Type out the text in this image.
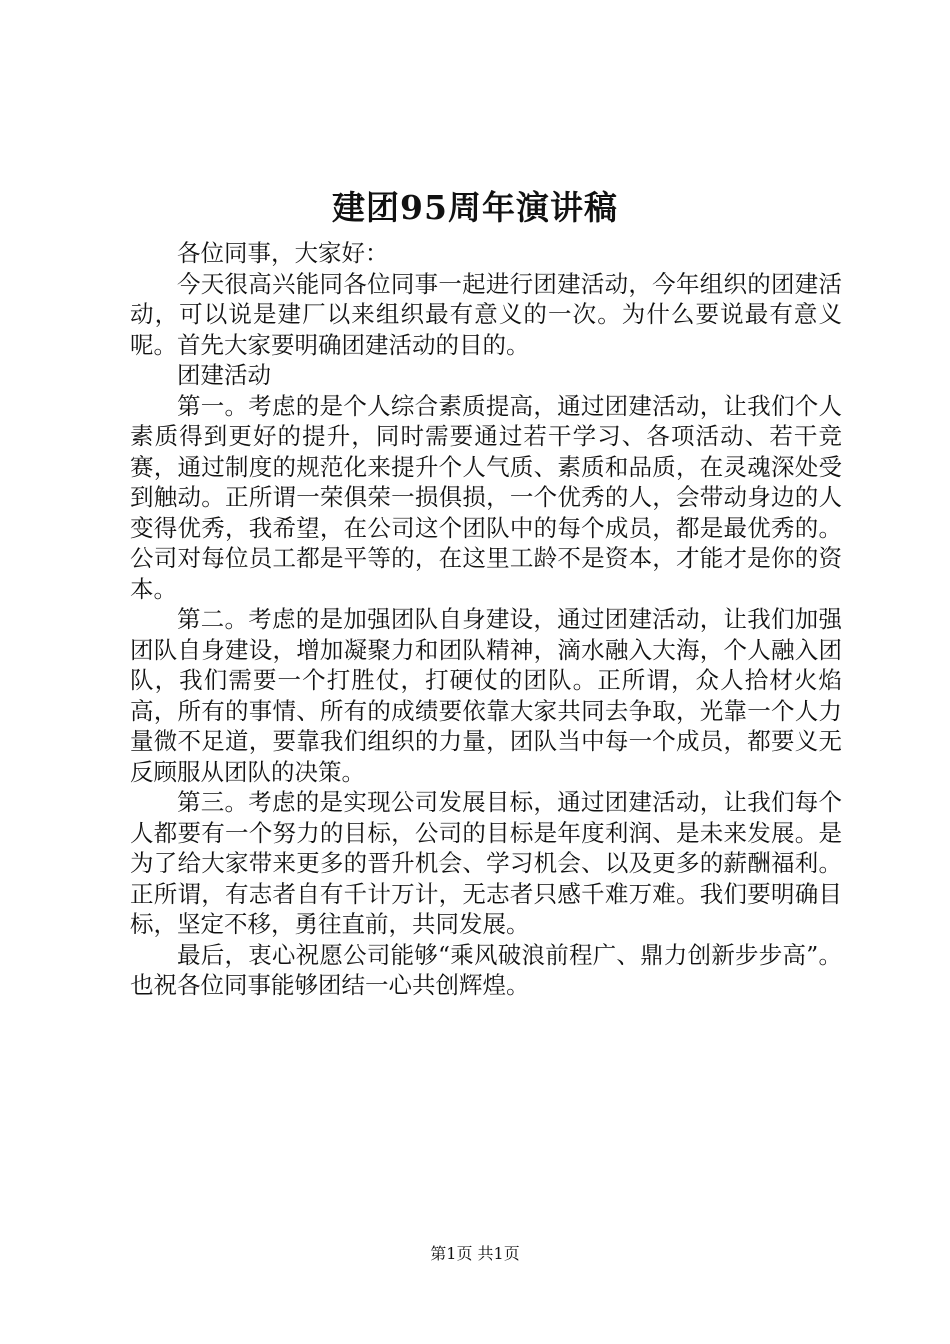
建团95周年演讲稿

各位同事，大家好：

今天很高兴能同各位同事一起进行团建活动，今年组织的团建活动，可以说是建厂以来组织最有意义的一次。为什么要说最有意义呢。首先大家要明确团建活动的目的。

团建活动

第一。考虑的是个人综合素质提高，通过团建活动，让我们个人素质得到更好的提升，同时需要通过若干学习、各项活动、若干竞赛，通过制度的规范化来提升个人气质、素质和品质，在灵魂深处受到触动。正所谓一荣俱荣一损俱损，一个优秀的人，会带动身边的人变得优秀，我希望，在公司这个团队中的每个成员，都是最优秀的。公司对每位员工都是平等的，在这里工龄不是资本，才能才是你的资本。

第二。考虑的是加强团队自身建设，通过团建活动，让我们加强团队自身建设，增加凝聚力和团队精神，滴水融入大海，个人融入团队，我们需要一个打胜仗，打硬仗的团队。正所谓，众人拾材火焰高，所有的事情、所有的成绩要依靠大家共同去争取，光靠一个人力量微不足道，要靠我们组织的力量，团队当中每一个成员，都要义无反顾服从团队的决策。

第三。考虑的是实现公司发展目标，通过团建活动，让我们每个人都要有一个努力的目标，公司的目标是年度利润、是未来发展。是为了给大家带来更多的晋升机会、学习机会、以及更多的薪酬福利。正所谓，有志者自有千计万计，无志者只感千难万难。我们要明确目标，坚定不移，勇往直前，共同发展。

最后，衷心祝愿公司能够“乘风破浪前程广、鼎力创新步步高”。也祝各位同事能够团结一心共创辉煌。

第1页 共1页
